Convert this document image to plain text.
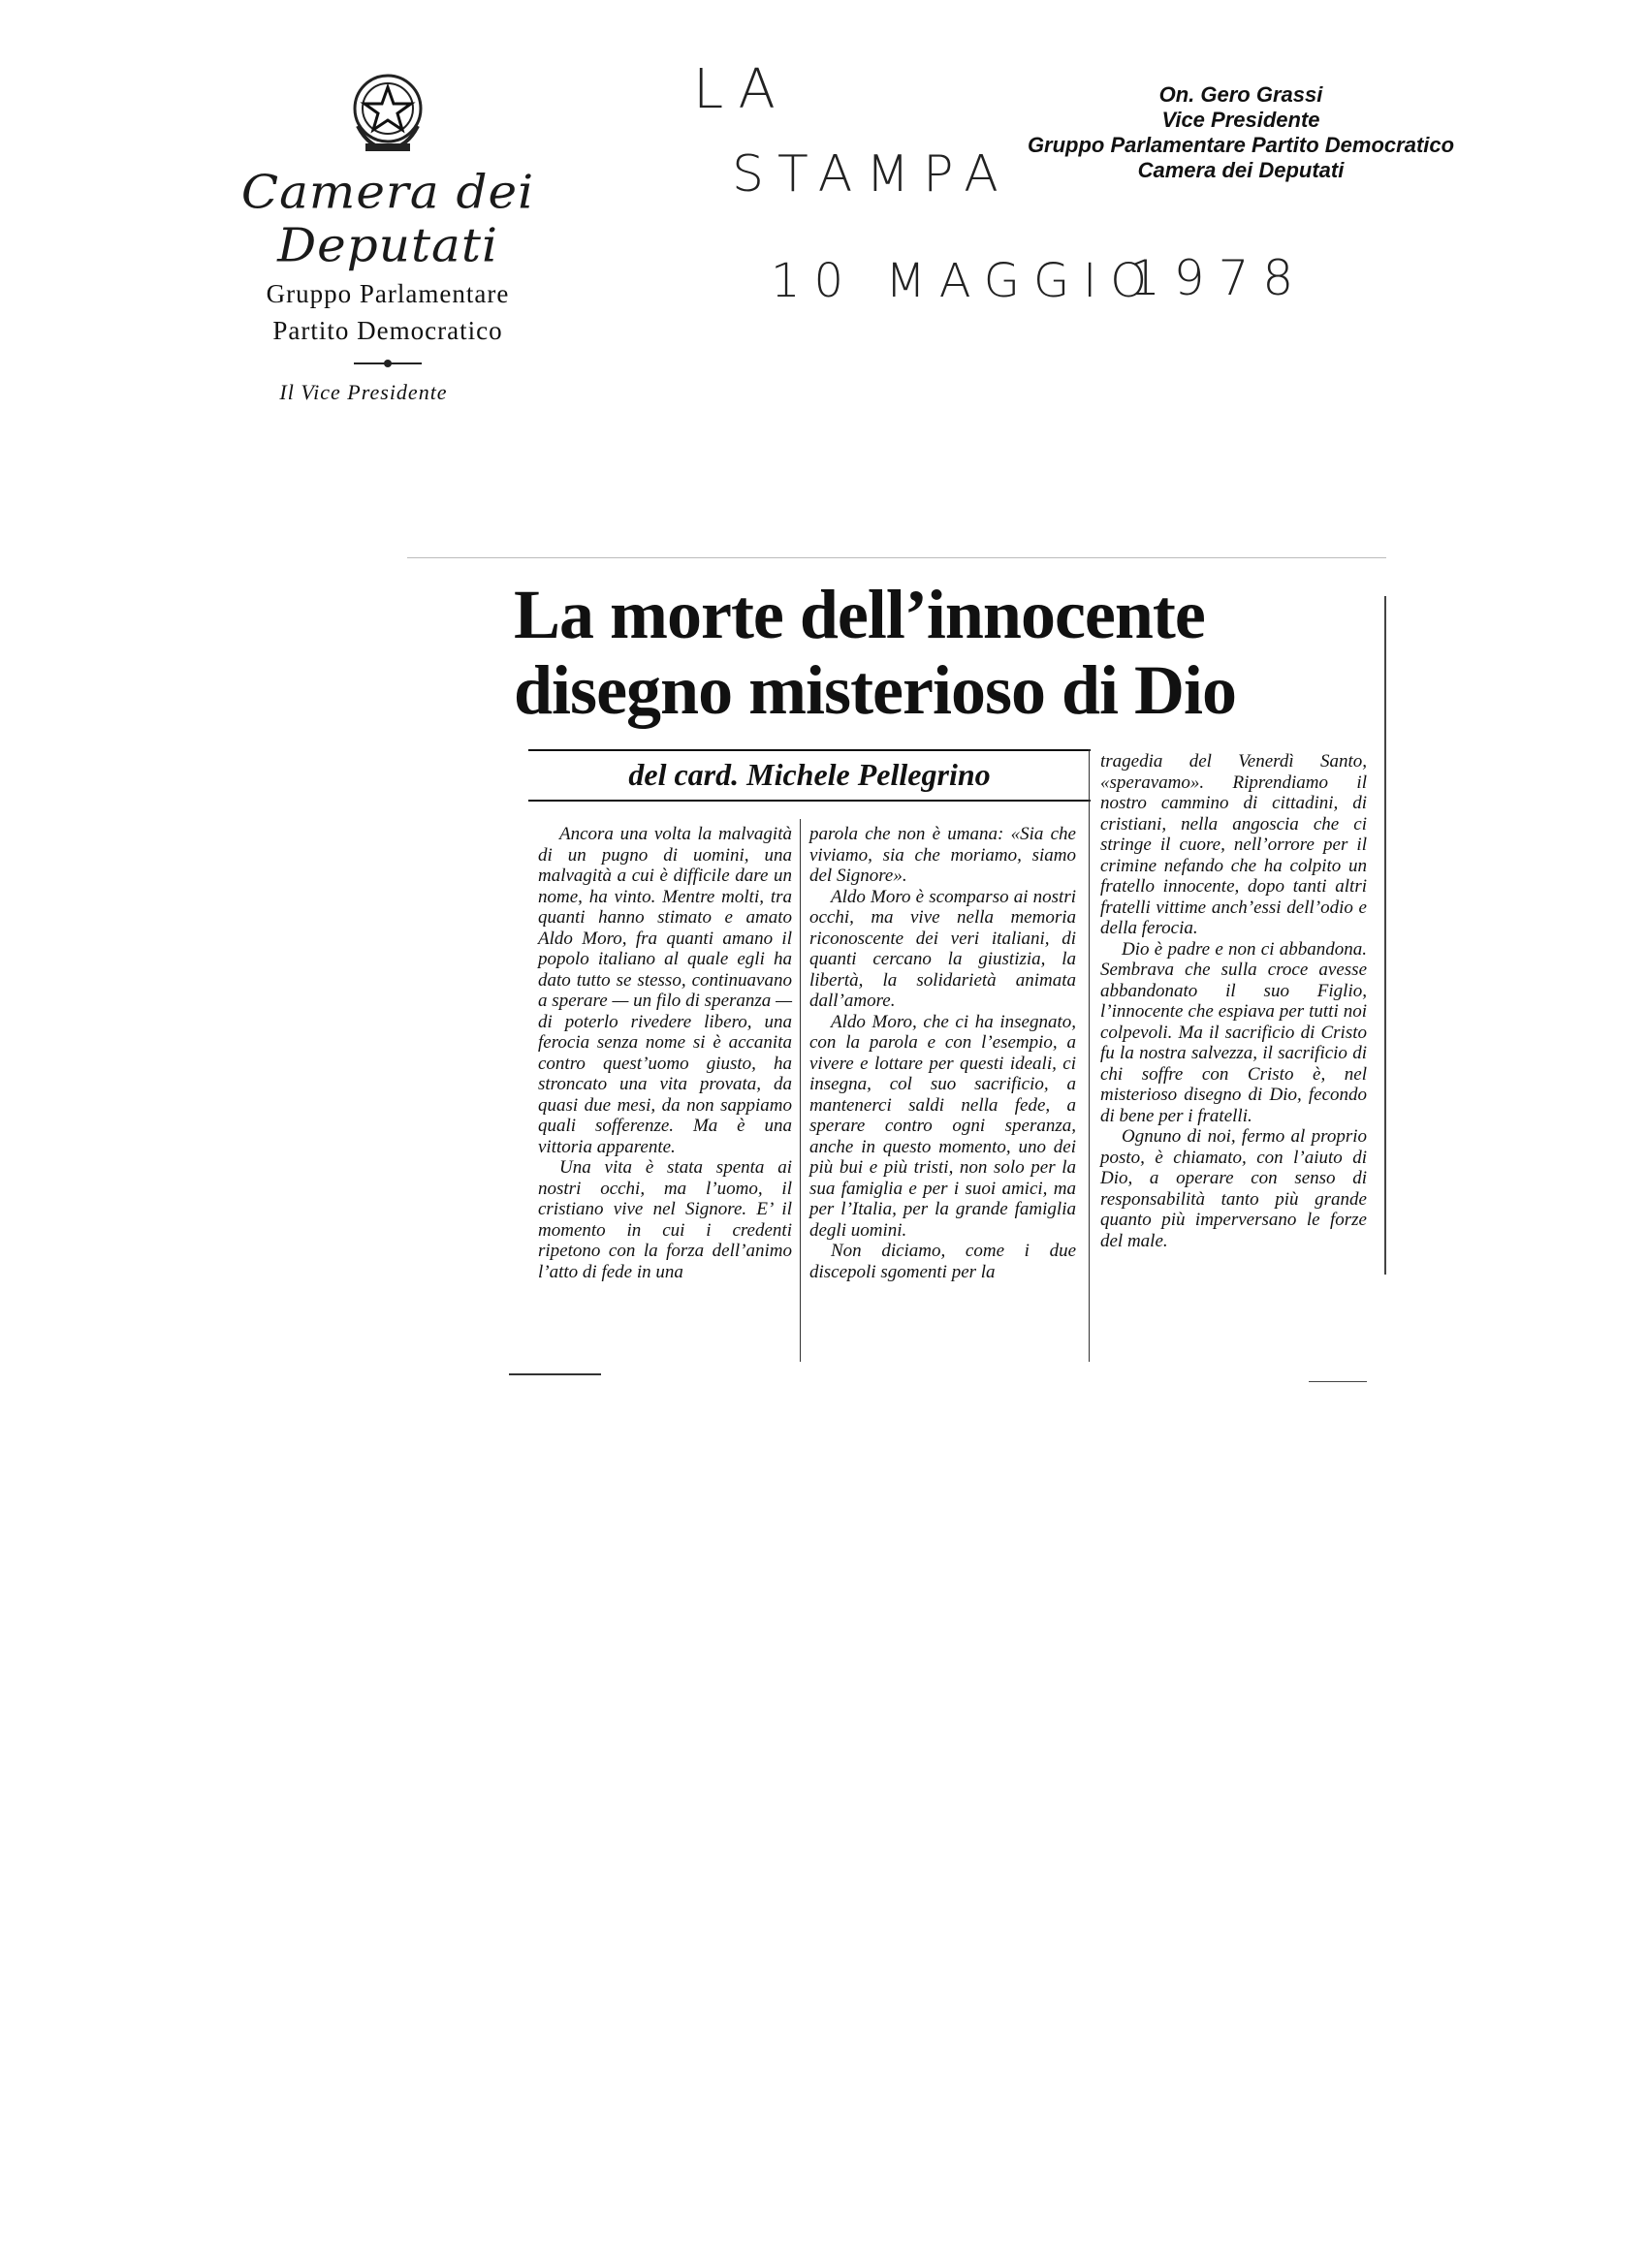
Camera dei Deputati
Gruppo Parlamentare
Partito Democratico
Il Vice Presidente
LA
STAMPA
10 MAGGIO
1978
On. Gero Grassi
Vice Presidente
Gruppo Parlamentare Partito Democratico
Camera dei Deputati
La morte dell’innocente
disegno misterioso di Dio
del card. Michele Pellegrino

Ancora una volta la malvagità di un pugno di uomini, una malvagità a cui è difficile dare un nome, ha vinto. Mentre molti, tra quanti hanno stimato e amato Aldo Moro, fra quanti amano il popolo italiano al quale egli ha dato tutto se stesso, continuavano a sperare — un filo di speranza — di poterlo rivedere libero, una ferocia senza nome si è accanita contro quest’uomo giusto, ha stroncato una vita provata, da quasi due mesi, da non sappiamo quali sofferenze. Ma è una vittoria apparente.

Una vita è stata spenta ai nostri occhi, ma l’uomo, il cristiano vive nel Signore. E’ il momento in cui i credenti ripetono con la forza dell’animo l’atto di fede in una

parola che non è umana: «Sia che viviamo, sia che moriamo, siamo del Signore».

Aldo Moro è scomparso ai nostri occhi, ma vive nella memoria riconoscente dei veri italiani, di quanti cercano la giustizia, la libertà, la solidarietà animata dall’amore.

Aldo Moro, che ci ha insegnato, con la parola e con l’esempio, a vivere e lottare per questi ideali, ci insegna, col suo sacrificio, a mantenerci saldi nella fede, a sperare contro ogni speranza, anche in questo momento, uno dei più bui e più tristi, non solo per la sua famiglia e per i suoi amici, ma per l’Italia, per la grande famiglia degli uomini.

Non diciamo, come i due discepoli sgomenti per la

tragedia del Venerdì Santo, «speravamo». Riprendiamo il nostro cammino di cittadini, di cristiani, nella angoscia che ci stringe il cuore, nell’orrore per il crimine nefando che ha colpito un fratello innocente, dopo tanti altri fratelli vittime anch’essi dell’odio e della ferocia.

Dio è padre e non ci abbandona. Sembrava che sulla croce avesse abbandonato il suo Figlio, l’innocente che espiava per tutti noi colpevoli. Ma il sacrificio di Cristo fu la nostra salvezza, il sacrificio di chi soffre con Cristo è, nel misterioso disegno di Dio, fecondo di bene per i fratelli.

Ognuno di noi, fermo al proprio posto, è chiamato, con l’aiuto di Dio, a operare con senso di responsabilità tanto più grande quanto più imperversano le forze del male.
